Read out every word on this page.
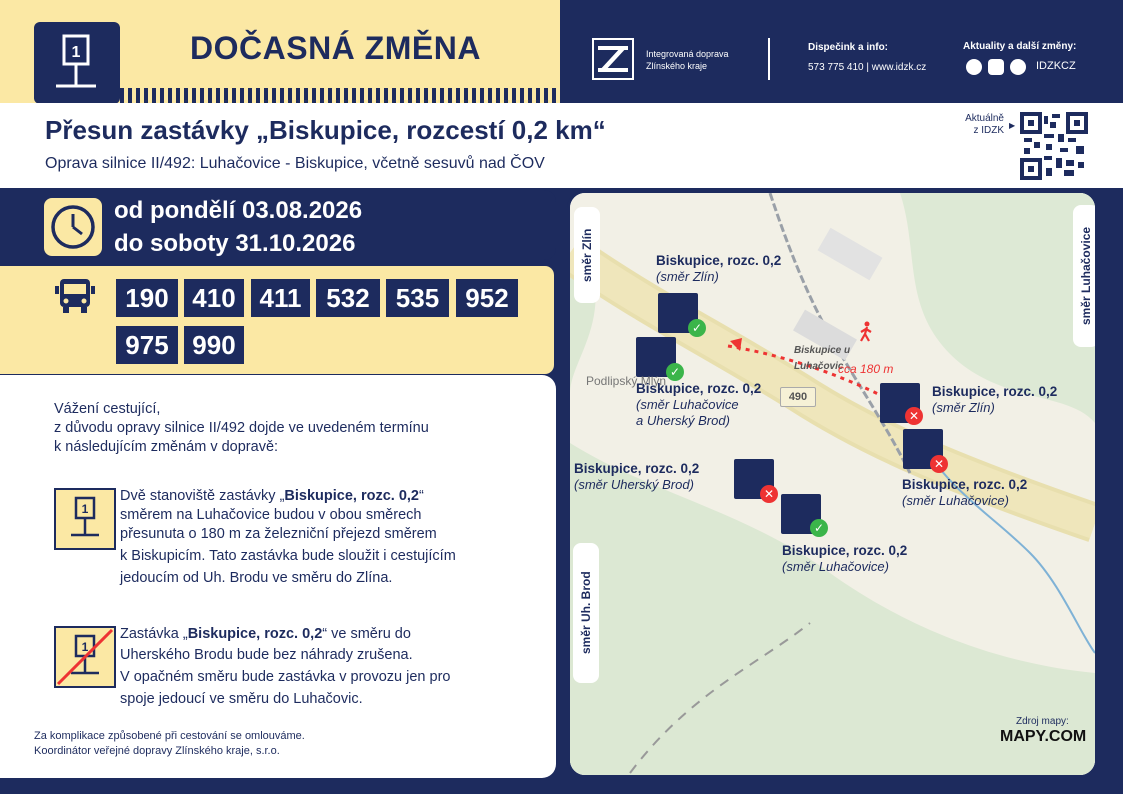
1	DOČASNÁ ZMĚNA	Integrovaná doprava Zlínského kraje
Dispečink a info:
573 775 410 | www.idzk.cz
Aktuality a další změny:
IDZKCZ
Přesun zastávky „Biskupice, rozcestí 0,2 km“
Oprava silnice II/492: Luhačovice - Biskupice, včetně sesuvů nad ČOV
Aktuálně
z IDZK ▶
od pondělí 03.08.2026
do soboty 31.10.2026
190 410 411 532	535	952
975 990
Vážení cestující,
z důvodu opravy silnice II/492 dojde ve uvedeném termínu
k následujícím změnám v dopravě:
1
Dvě stanoviště zastávky „Biskupice, rozc. 0,2“
směrem na Luhačovice budou v obou směrech
přesunuta o 180 m za železniční přejezd směrem
k Biskupicím. Tato zastávka bude sloužit i cestujícím
jedoucím od Uh. Brodu ve směru do Zlína.
1
Zastávka „Biskupice, rozc. 0,2“ ve směru do
Uherského Brodu bude bez náhrady zrušena.
V opačném směru bude zastávka v provozu jen pro
spoje jedoucí ve směru do Luhačovic.
Za komplikace způsobené při cestování se omlouváme.
Koordinátor veřejné dopravy Zlínského kraje, s.r.o.
směr Zlín	směr Luhačovice
směr Uh. Brod
Biskupice, rozc. 0,2
(směr Zlín)
✓
✓
Biskupice, rozc. 0,2
(směr Luhačovice
a Uherský Brod)
Podlipský Mlýn
Biskupice u Luhačovic
cca 180 m
490
✕
Biskupice, rozc. 0,2
(směr Zlín)
✕
Biskupice, rozc. 0,2
(směr Luhačovice)
Biskupice, rozc. 0,2
(směr Uherský Brod)
✕
✓
Biskupice, rozc. 0,2
(směr Luhačovice)
Zdroj mapy:
MAPY.COM
